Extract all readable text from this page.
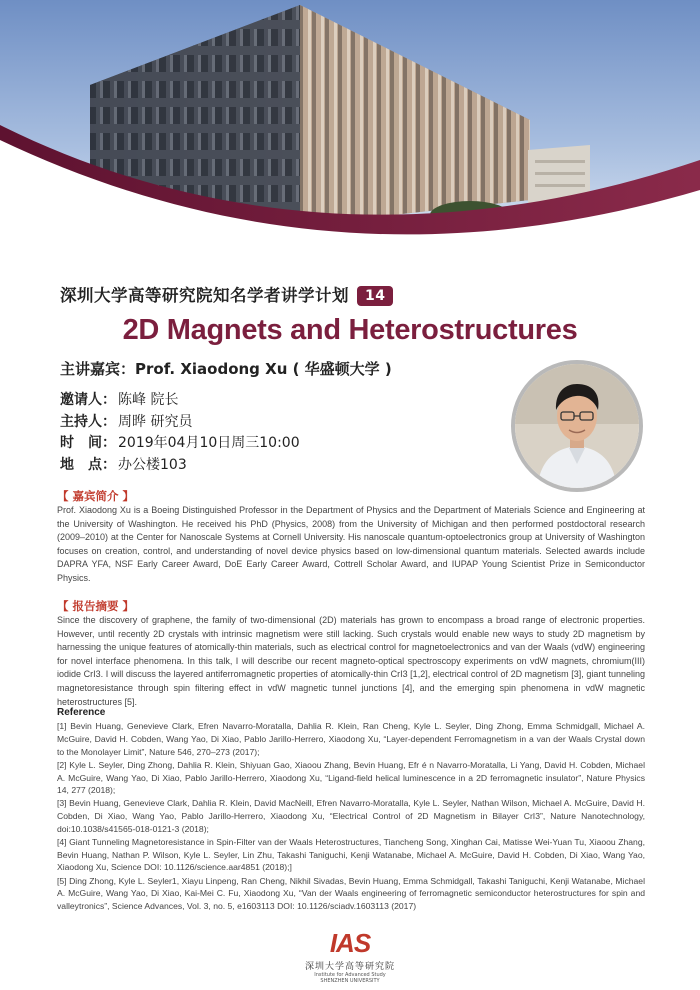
深圳大学高等研究院知名学者讲学计划 14
2D Magnets and Heterostructures
主讲嘉宾：Prof. Xiaodong Xu ( 华盛顿大学 )
邀请人： 陈峰 院长
主持人： 周晔 研究员
时　间： 2019年04月10日周三10:00
地　点： 办公楼103
【 嘉宾简介 】
Prof. Xiaodong Xu is a Boeing Distinguished Professor in the Department of Physics and the Department of Materials Science and Engineering at the University of Washington. He received his PhD (Physics, 2008) from the University of Michigan and then performed postdoctoral research (2009–2010) at the Center for Nanoscale Systems at Cornell University. His nanoscale quantum-optoelectronics group at University of Washington focuses on creation, control, and understanding of novel device physics based on low-dimensional quantum materials. Selected awards include DAPRA YFA, NSF Early Career Award, DoE Early Career Award, Cottrell Scholar Award, and IUPAP Young Scientist Prize in Semiconductor Physics.
【 报告摘要 】
Since the discovery of graphene, the family of two-dimensional (2D) materials has grown to encompass a broad range of electronic properties. However, until recently 2D crystals with intrinsic magnetism were still lacking. Such crystals would enable new ways to study 2D magnetism by harnessing the unique features of atomically-thin materials, such as electrical control for magnetoelectronics and van der Waals (vdW) engineering for novel interface phenomena. In this talk, I will describe our recent magneto-optical spectroscopy experiments on vdW magnets, chromium(III) iodide CrI3. I will discuss the layered antiferromagnetic properties of atomically-thin CrI3 [1,2], electrical control of 2D magnetism [3], giant tunneling magnetoresistance through spin filtering effect in vdW magnetic tunnel junctions [4], and the emerging spin phenomena in vdW magnetic heterostructures [5].

Reference

[1] Bevin Huang, Genevieve Clark, Efren Navarro-Moratalla, Dahlia R. Klein, Ran Cheng, Kyle L. Seyler, Ding Zhong, Emma Schmidgall, Michael A. McGuire, David H. Cobden, Wang Yao, Di Xiao, Pablo Jarillo-Herrero, Xiaodong Xu, “Layer-dependent Ferromagnetism in a van der Waals Crystal down to the Monolayer Limit”, Nature 546, 270–273 (2017);

[2] Kyle L. Seyler, Ding Zhong, Dahlia R. Klein, Shiyuan Gao, Xiaoou Zhang, Bevin Huang, Efr é n Navarro-Moratalla, Li Yang, David H. Cobden, Michael A. McGuire, Wang Yao, Di Xiao, Pablo Jarillo-Herrero, Xiaodong Xu, “Ligand-field helical luminescence in a 2D ferromagnetic insulator”, Nature Physics 14, 277 (2018);

[3] Bevin Huang, Genevieve Clark, Dahlia R. Klein, David MacNeill, Efren Navarro-Moratalla, Kyle L. Seyler, Nathan Wilson, Michael A. McGuire, David H. Cobden, Di Xiao, Wang Yao, Pablo Jarillo-Herrero, Xiaodong Xu, “Electrical Control of 2D Magnetism in Bilayer CrI3”, Nature Nanotechnology, doi:10.1038/s41565-018-0121-3 (2018);

[4] Giant Tunneling Magnetoresistance in Spin-Filter van der Waals Heterostructures, Tiancheng Song, Xinghan Cai, Matisse Wei-Yuan Tu, Xiaoou Zhang, Bevin Huang, Nathan P. Wilson, Kyle L. Seyler, Lin Zhu, Takashi Taniguchi, Kenji Watanabe, Michael A. McGuire, David H. Cobden, Di Xiao, Wang Yao, Xiaodong Xu, Science DOI: 10.1126/science.aar4851 (2018);]

[5] Ding Zhong, Kyle L. Seyler1, Xiayu Linpeng, Ran Cheng, Nikhil Sivadas, Bevin Huang, Emma Schmidgall, Takashi Taniguchi, Kenji Watanabe, Michael A. McGuire, Wang Yao, Di Xiao, Kai-Mei C. Fu, Xiaodong Xu, “Van der Waals engineering of ferromagnetic semiconductor heterostructures for spin and valleytronics”, Science Advances, Vol. 3, no. 5, e1603113 DOI: 10.1126/sciadv.1603113 (2017)

IAS
深圳大学高等研究院
Institute for Advanced Study
SHENZHEN UNIVERSITY
